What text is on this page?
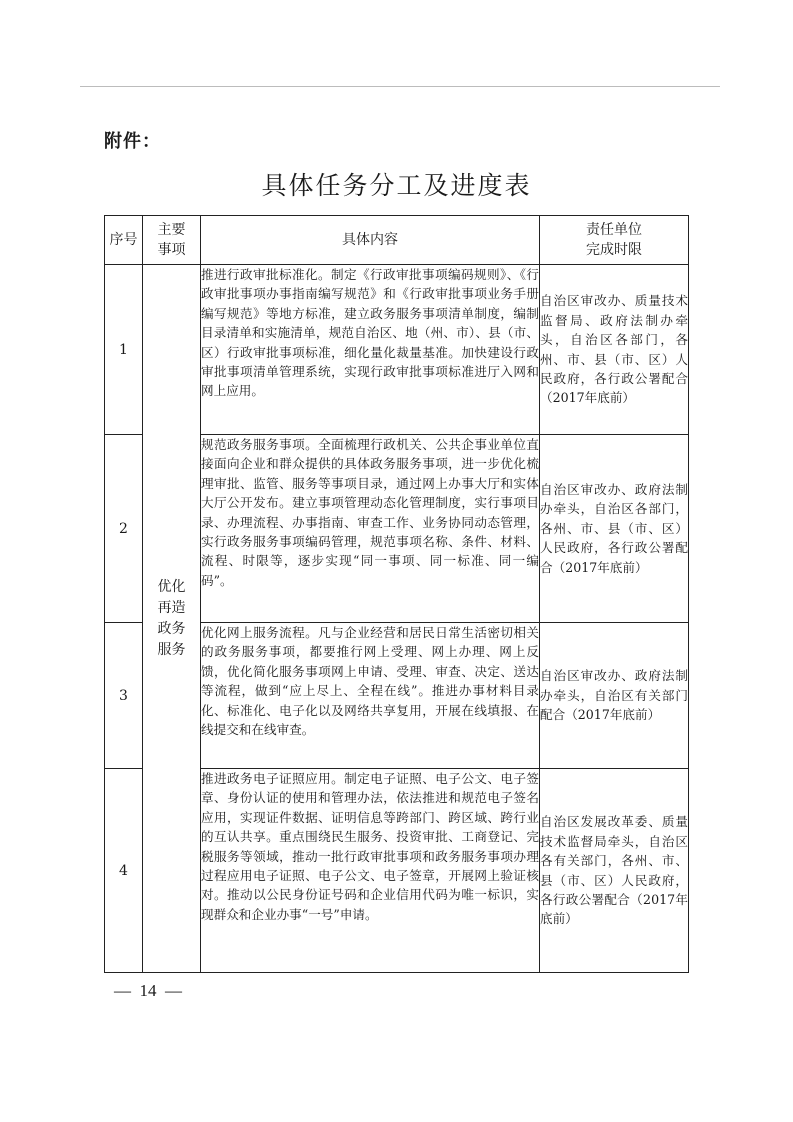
附件：
具体任务分工及进度表
序号	主要事项	具体内容	责任单位
完成时限
1	优化再造政务服务	推进行政审批标准化。制定《行政审批事项编码规则》、《行政审批事项办事指南编写规范》和《行政审批事项业务手册编写规范》等地方标准，建立政务服务事项清单制度，编制目录清单和实施清单，规范自治区、地（州、市）、县（市、区）行政审批事项标准，细化量化裁量基准。加快建设行政审批事项清单管理系统，实现行政审批事项标准进厅入网和网上应用。	自治区审改办、质量技术监督局、政府法制办牵头，自治区各部门，各州、市、县（市、区）人民政府，各行政公署配合（2017年底前）
2		规范政务服务事项。全面梳理行政机关、公共企事业单位直接面向企业和群众提供的具体政务服务事项，进一步优化梳理审批、监管、服务等事项目录，通过网上办事大厅和实体大厅公开发布。建立事项管理动态化管理制度，实行事项目录、办理流程、办事指南、审查工作、业务协同动态管理，实行政务服务事项编码管理，规范事项名称、条件、材料、流程、时限等，逐步实现“同一事项、同一标准、同一编码”。	自治区审改办、政府法制办牵头，自治区各部门，各州、市、县（市、区）人民政府，各行政公署配合（2017年底前）
3		优化网上服务流程。凡与企业经营和居民日常生活密切相关的政务服务事项，都要推行网上受理、网上办理、网上反馈，优化简化服务事项网上申请、受理、审查、决定、送达等流程，做到“应上尽上、全程在线”。推进办事材料目录化、标准化、电子化以及网络共享复用，开展在线填报、在线提交和在线审查。	自治区审改办、政府法制办牵头，自治区有关部门配合（2017年底前）
4		推进政务电子证照应用。制定电子证照、电子公文、电子签章、身份认证的使用和管理办法，依法推进和规范电子签名应用，实现证件数据、证明信息等跨部门、跨区域、跨行业的互认共享。重点围绕民生服务、投资审批、工商登记、完税服务等领域，推动一批行政审批事项和政务服务事项办理过程应用电子证照、电子公文、电子签章，开展网上验证核对。推动以公民身份证号码和企业信用代码为唯一标识，实现群众和企业办事“一号”申请。	自治区发展改革委、质量技术监督局牵头，自治区各有关部门，各州、市、县（市、区）人民政府，各行政公署配合（2017年底前）
— 14 —
